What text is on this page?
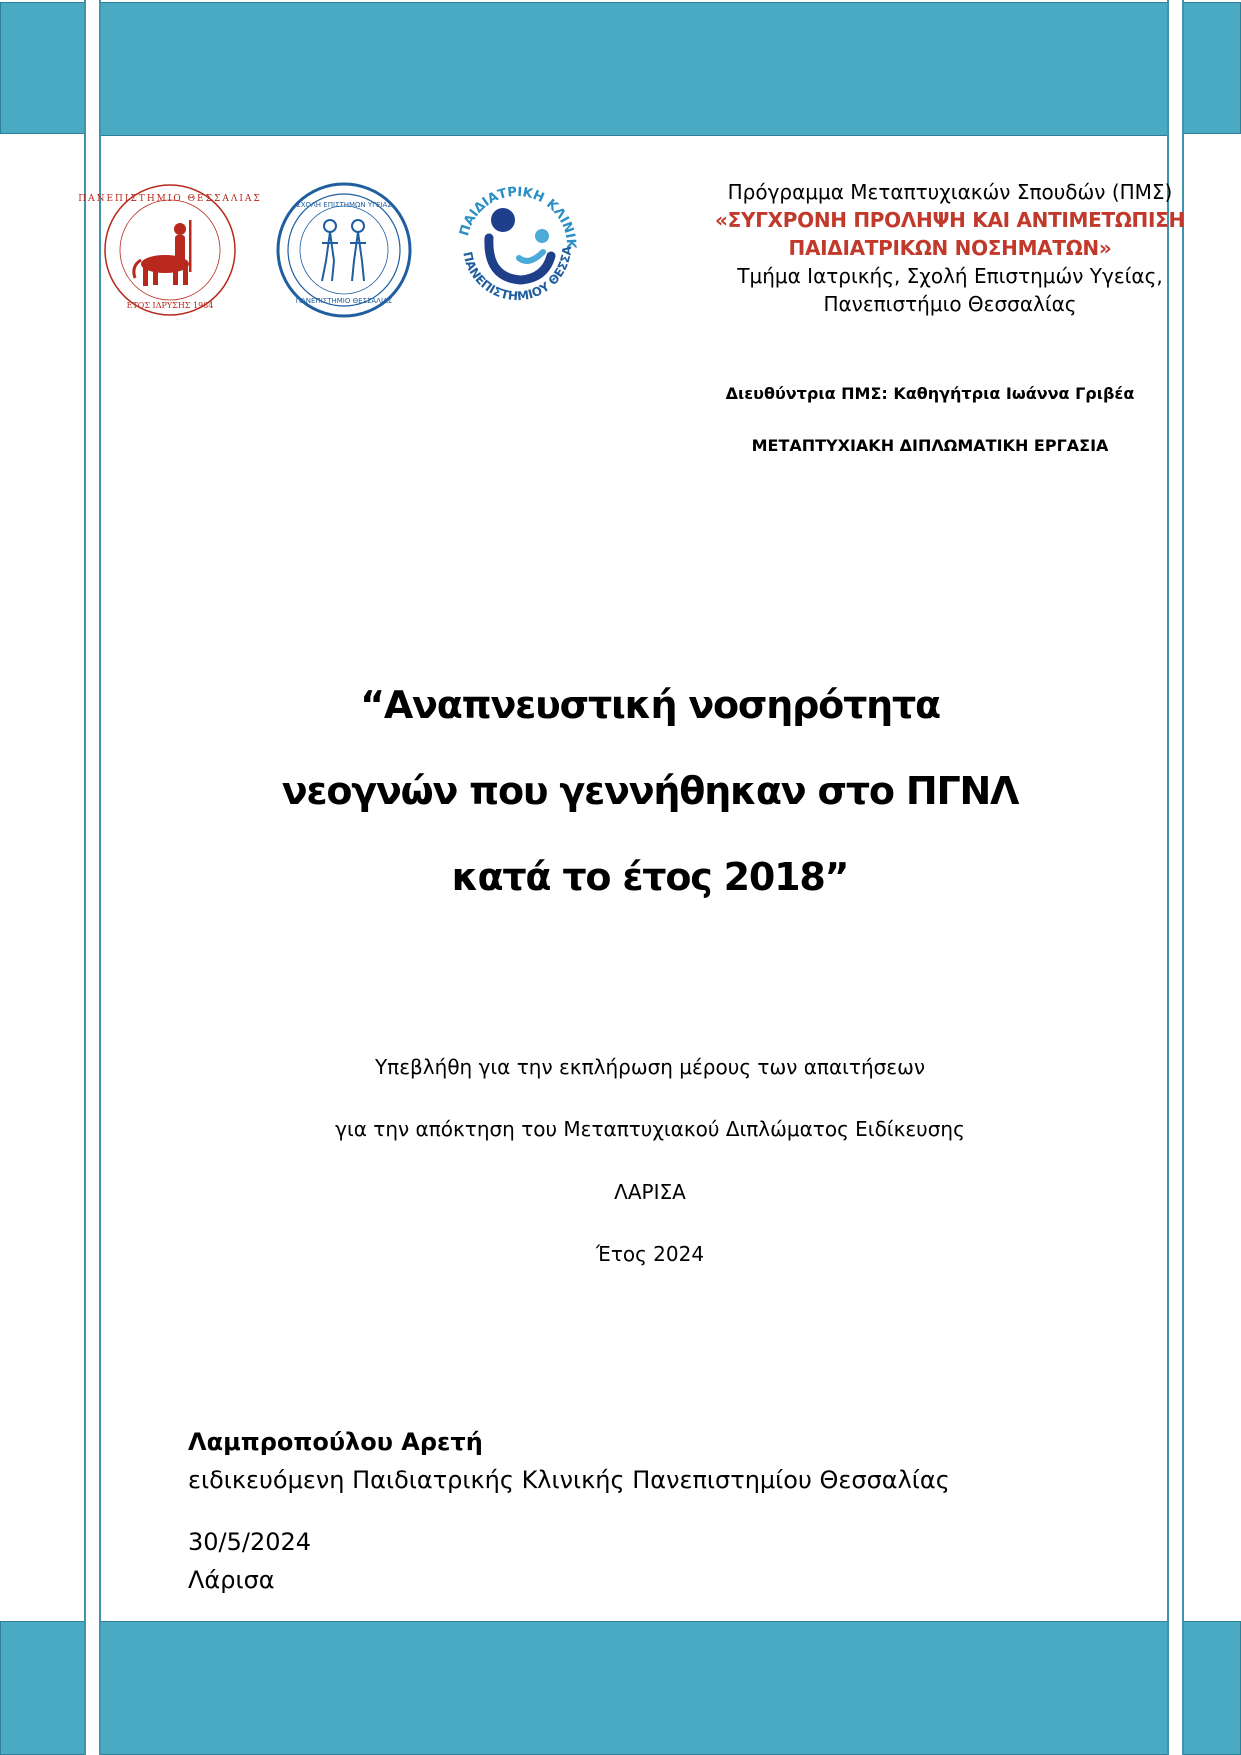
ΠΑΝΕΠΙΣΤΗΜΙΟ ΘΕΣΣΑΛΙΑΣ
ΕΤΟΣ ΙΔΡΥΣΗΣ 1984
ΣΧΟΛΗ ΕΠΙΣΤΗΜΩΝ ΥΓΕΙΑΣ
ΠΑΝΕΠΙΣΤΗΜΙΟ ΘΕΣΣΑΛΙΑΣ
ΠΑΙΔΙΑΤΡΙΚΗ ΚΛΙΝΙΚ
ΠΑΝΕΠΙΣΤΗΜΙΟΥ ΘΕΣΣΑ
Πρόγραμμα Μεταπτυχιακών Σπουδών (ΠΜΣ)
«ΣΥΓΧΡΟΝΗ ΠΡΟΛΗΨΗ ΚΑΙ ΑΝΤΙΜΕΤΩΠΙΣΗ
ΠΑΙΔΙΑΤΡΙΚΩΝ ΝΟΣΗΜΑΤΩΝ»
Τμήμα Ιατρικής, Σχολή Επιστημών Υγείας,
Πανεπιστήμιο Θεσσαλίας
Διευθύντρια ΠΜΣ: Καθηγήτρια Ιωάννα Γριβέα
ΜΕΤΑΠΤΥΧΙΑΚΗ ΔΙΠΛΩΜΑΤΙΚΗ ΕΡΓΑΣΙΑ
“Αναπνευστική νοσηρότητα
νεογνών που γεννήθηκαν στο ΠΓΝΛ
κατά το έτος 2018”
Υπεβλήθη για την εκπλήρωση μέρους των απαιτήσεων
για την απόκτηση του Μεταπτυχιακού Διπλώματος Ειδίκευσης
ΛΑΡΙΣΑ
Έτος 2024
Λαμπροπούλου Αρετή
ειδικευόμενη Παιδιατρικής Κλινικής Πανεπιστημίου Θεσσαλίας
30/5/2024
Λάρισα
